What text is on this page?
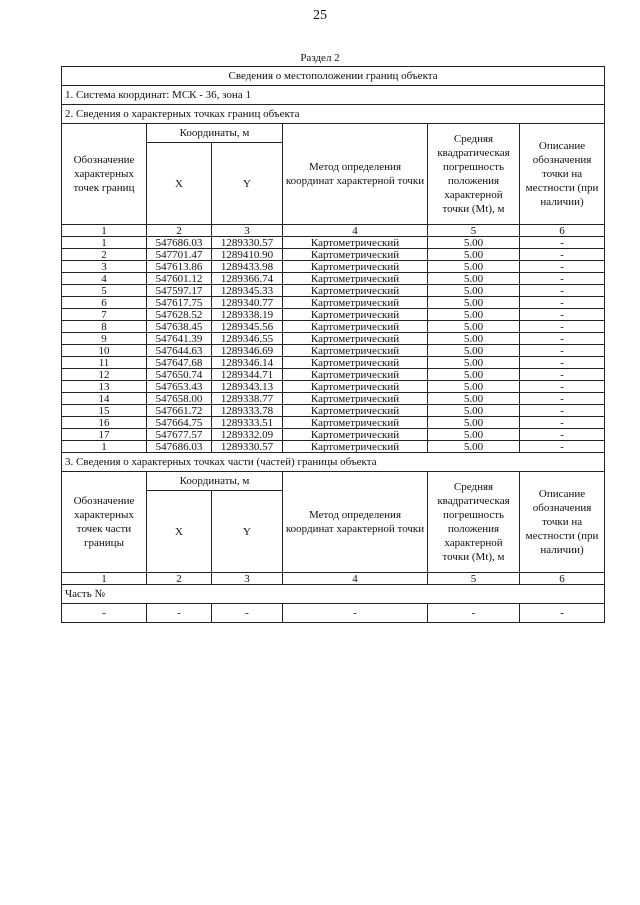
25
Раздел 2
Сведения о местоположении границ объекта					
1. Система координат: МСК - 36, зона 1					
2. Сведения о характерных точках границ объекта					
Обозначение характерных точек границ	Координаты, м		Метод определения координат характерной точки	Средняя квадратическая погрешность положения характерной точки (Mt), м	Описание обозначения точки на местности (при наличии)
	X	Y			
1	2	3	4	5	6
1	547686.03	1289330.57	Картометрический	5.00	-
2	547701.47	1289410.90	Картометрический	5.00	-
3	547613.86	1289433.98	Картометрический	5.00	-
4	547601.12	1289366.74	Картометрический	5.00	-
5	547597.17	1289345.33	Картометрический	5.00	-
6	547617.75	1289340.77	Картометрический	5.00	-
7	547628.52	1289338.19	Картометрический	5.00	-
8	547638.45	1289345.56	Картометрический	5.00	-
9	547641.39	1289346.55	Картометрический	5.00	-
10	547644.63	1289346.69	Картометрический	5.00	-
11	547647.68	1289346.14	Картометрический	5.00	-
12	547650.74	1289344.71	Картометрический	5.00	-
13	547653.43	1289343.13	Картометрический	5.00	-
14	547658.00	1289338.77	Картометрический	5.00	-
15	547661.72	1289333.78	Картометрический	5.00	-
16	547664.75	1289333.51	Картометрический	5.00	-
17	547677.57	1289332.09	Картометрический	5.00	-
1	547686.03	1289330.57	Картометрический	5.00	-
3. Сведения о характерных точках части (частей) границы объекта					
Обозначение характерных точек части границы	Координаты, м		Метод определения координат характерной точки	Средняя квадратическая погрешность положения характерной точки (Mt), м	Описание обозначения точки на местности (при наличии)
	X	Y			
1	2	3	4	5	6
Часть №					
-	-	-	-	-	-
